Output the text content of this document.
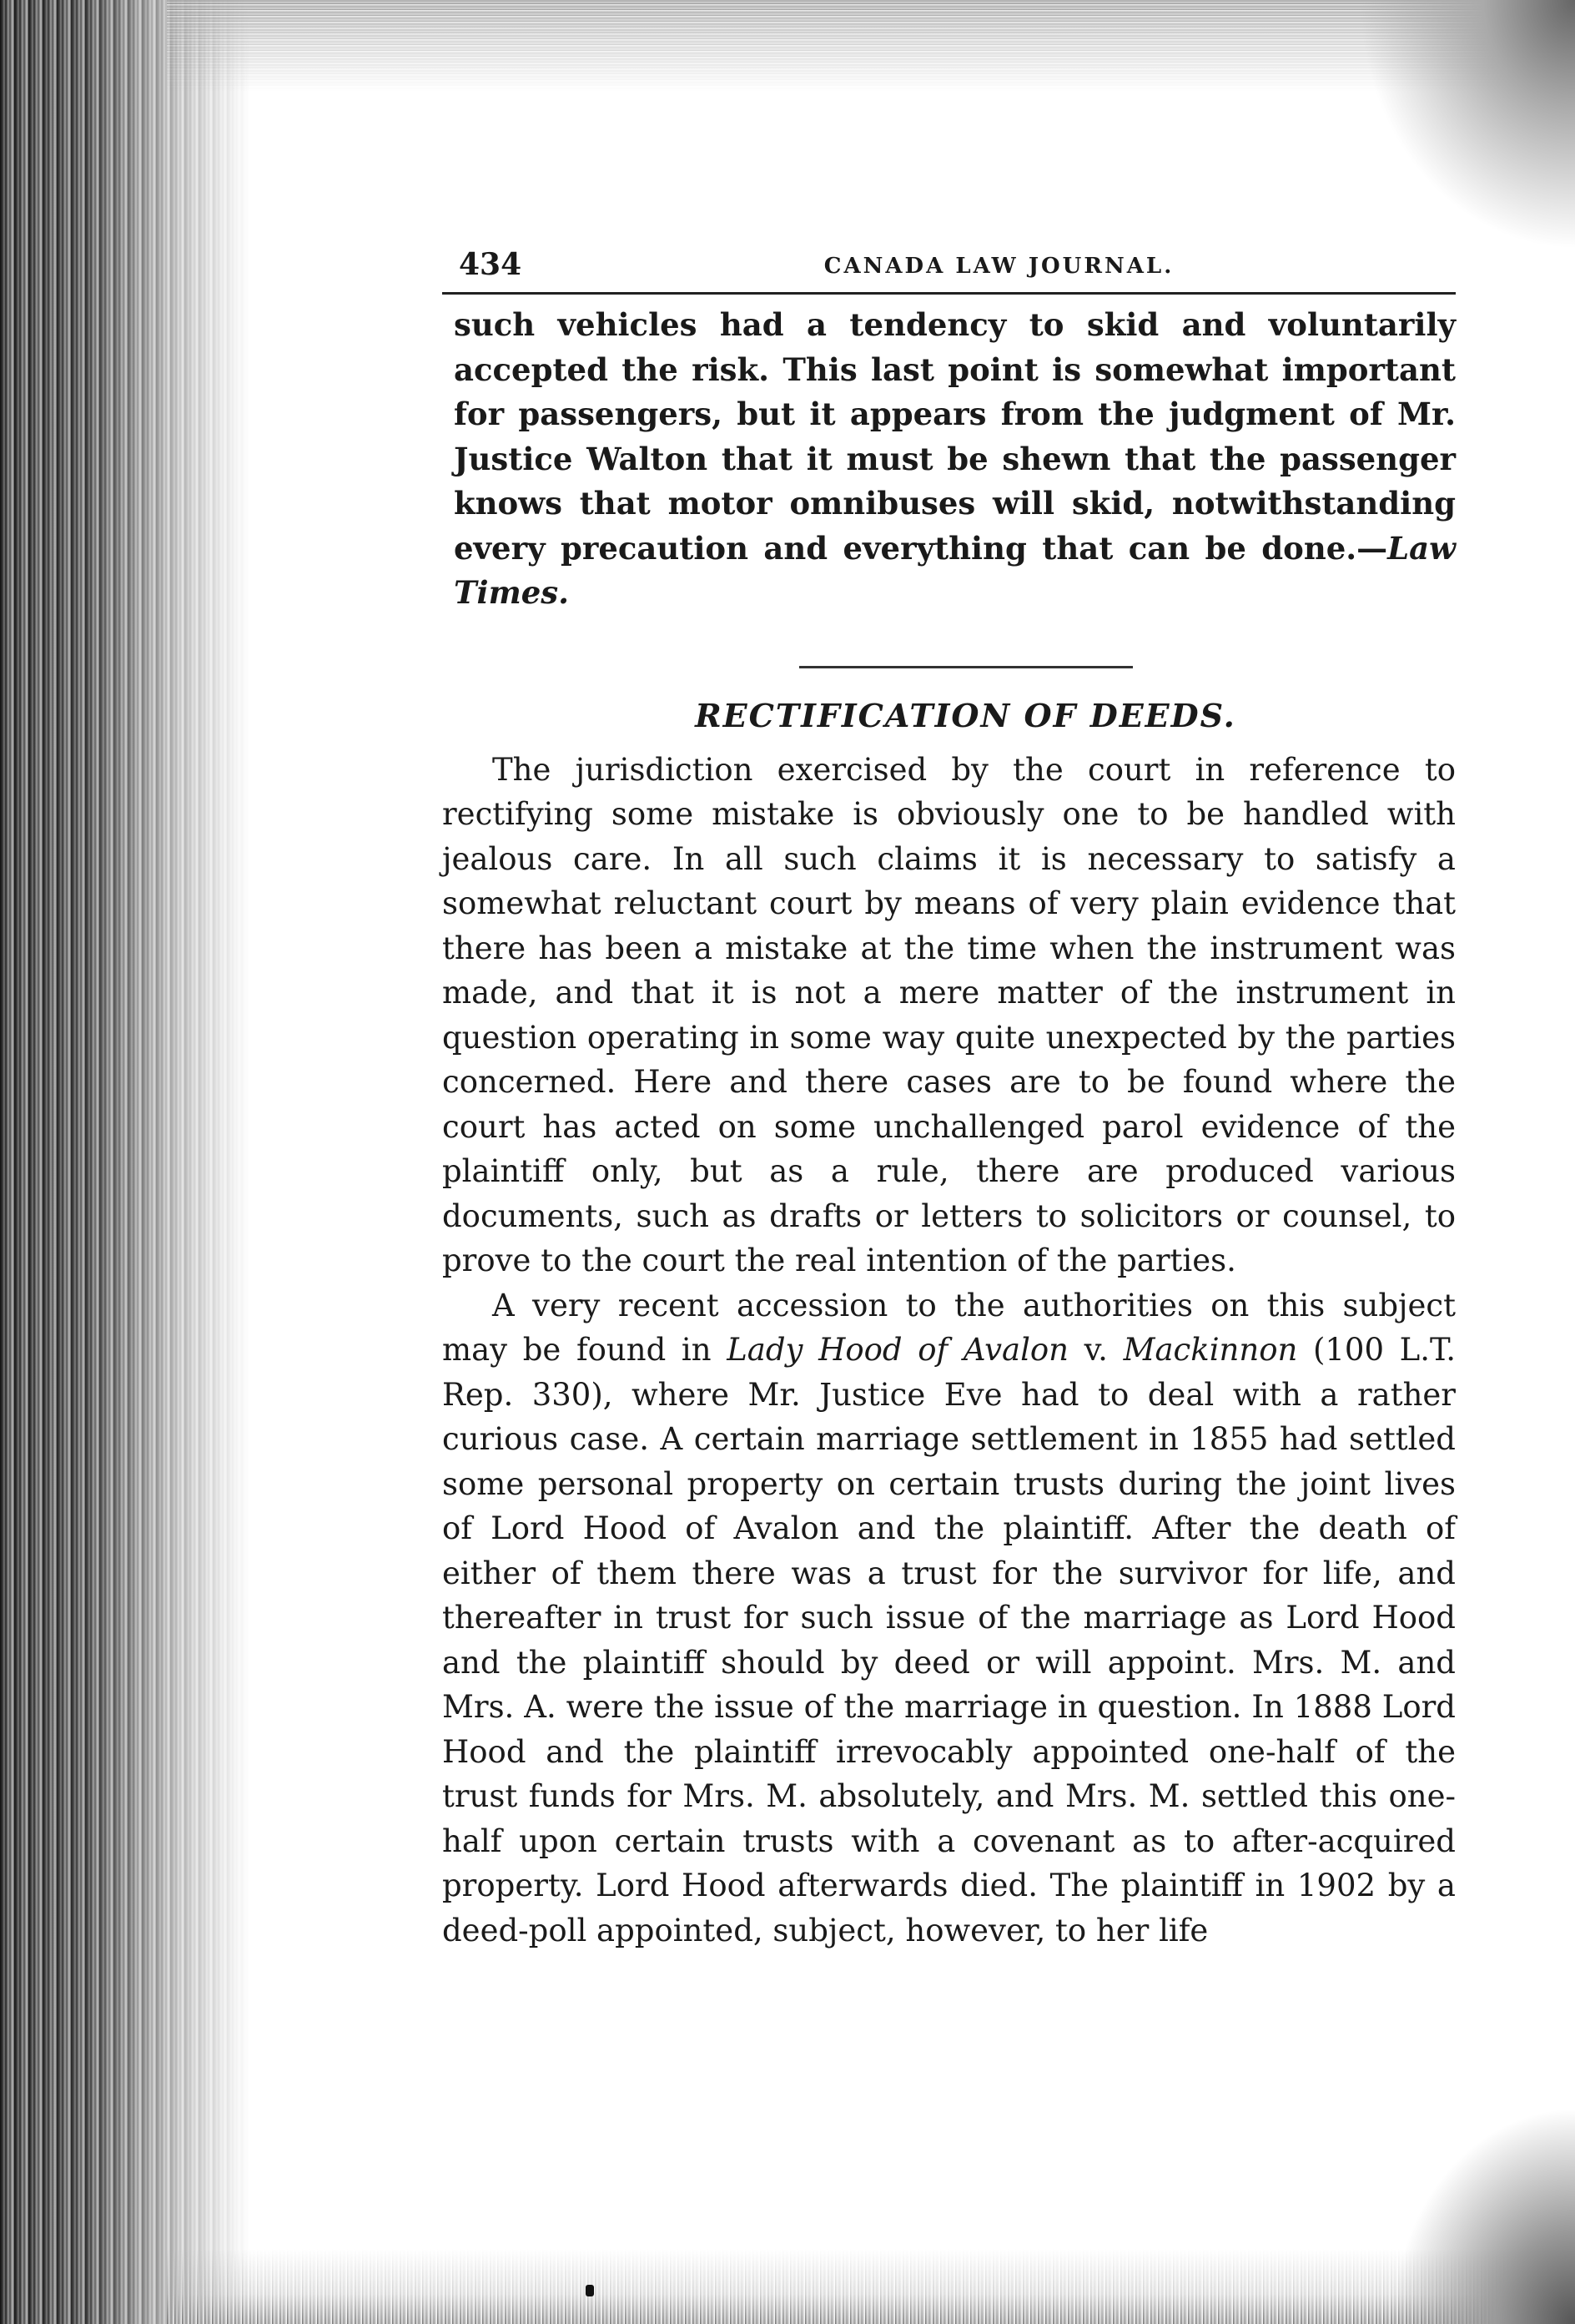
434	CANADA LAW JOURNAL.

such vehicles had a tendency to skid and voluntarily accepted the risk. This last point is somewhat important for passengers, but it appears from the judgment of Mr. Justice Walton that it must be shewn that the passenger knows that motor omnibuses will skid, notwithstanding every precaution and everything that can be done.—Law Times.

RECTIFICATION OF DEEDS.

The jurisdiction exercised by the court in reference to rectifying some mistake is obviously one to be handled with jealous care. In all such claims it is necessary to satisfy a somewhat reluctant court by means of very plain evidence that there has been a mistake at the time when the instrument was made, and that it is not a mere matter of the instrument in question operating in some way quite unexpected by the parties concerned. Here and there cases are to be found where the court has acted on some unchallenged parol evidence of the plaintiff only, but as a rule, there are produced various documents, such as drafts or letters to solicitors or counsel, to prove to the court the real intention of the parties.

A very recent accession to the authorities on this subject may be found in Lady Hood of Avalon v. Mackinnon (100 L.T. Rep. 330), where Mr. Justice Eve had to deal with a rather curious case. A certain marriage settlement in 1855 had settled some personal property on certain trusts during the joint lives of Lord Hood of Avalon and the plaintiff. After the death of either of them there was a trust for the survivor for life, and thereafter in trust for such issue of the marriage as Lord Hood and the plaintiff should by deed or will appoint. Mrs. M. and Mrs. A. were the issue of the marriage in question. In 1888 Lord Hood and the plaintiff irrevocably appointed one-half of the trust funds for Mrs. M. absolutely, and Mrs. M. settled this one-half upon certain trusts with a covenant as to after-acquired property. Lord Hood afterwards died. The plaintiff in 1902 by a deed-poll appointed, subject, however, to her life
